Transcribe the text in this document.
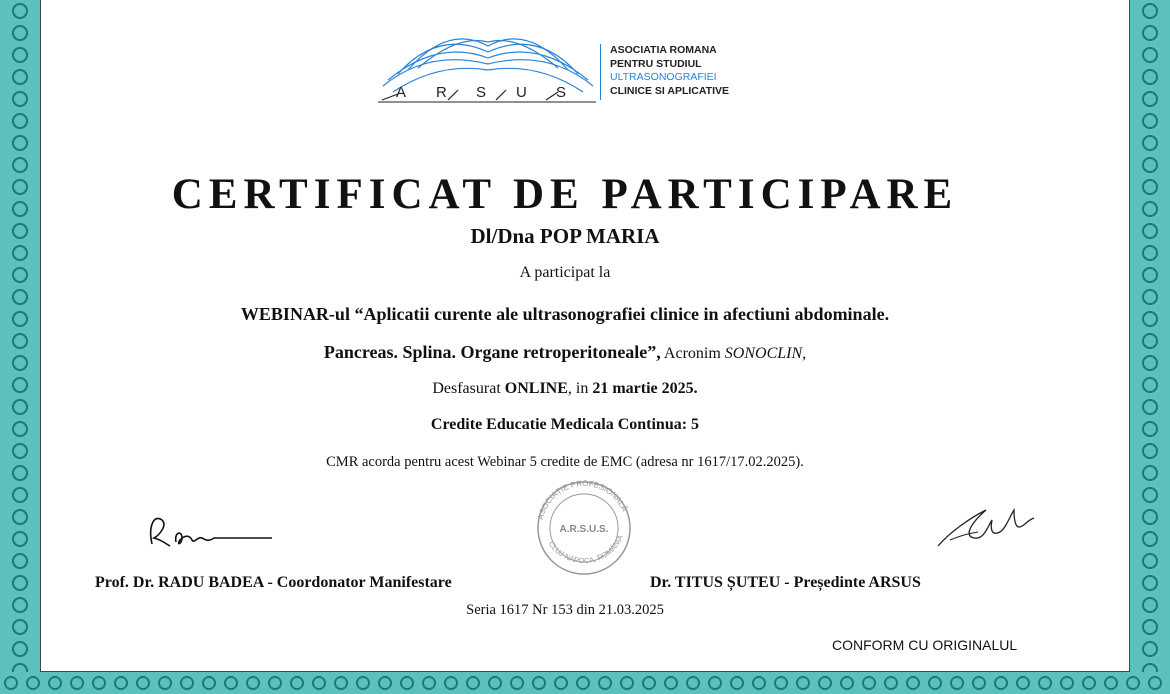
A R S U S
ASOCIATIA ROMANA
PENTRU STUDIUL
ULTRASONOGRAFIEI
CLINICE SI APLICATIVE
CERTIFICAT DE PARTICIPARE
Dl/Dna POP MARIA
A participat la
WEBINAR-ul “Aplicatii curente ale ultrasonografiei clinice in afectiuni abdominale.
Pancreas. Splina. Organe retroperitoneale”, Acronim SONOCLIN,
Desfasurat ONLINE, in 21 martie 2025.
Credite Educatie Medicala Continua: 5
CMR acorda pentru acest Webinar 5 credite de EMC (adresa nr 1617/17.02.2025).
ASOCIAȚIE PROFESIONALĂ
A.R.S.U.S.
CLUJ-NAPOCA, ROMÂNIA
Prof. Dr. RADU BADEA - Coordonator Manifestare	Dr. TITUS ȘUTEU - Președinte ARSUS
Seria 1617 Nr 153 din 21.03.2025
CONFORM CU ORIGINALUL
